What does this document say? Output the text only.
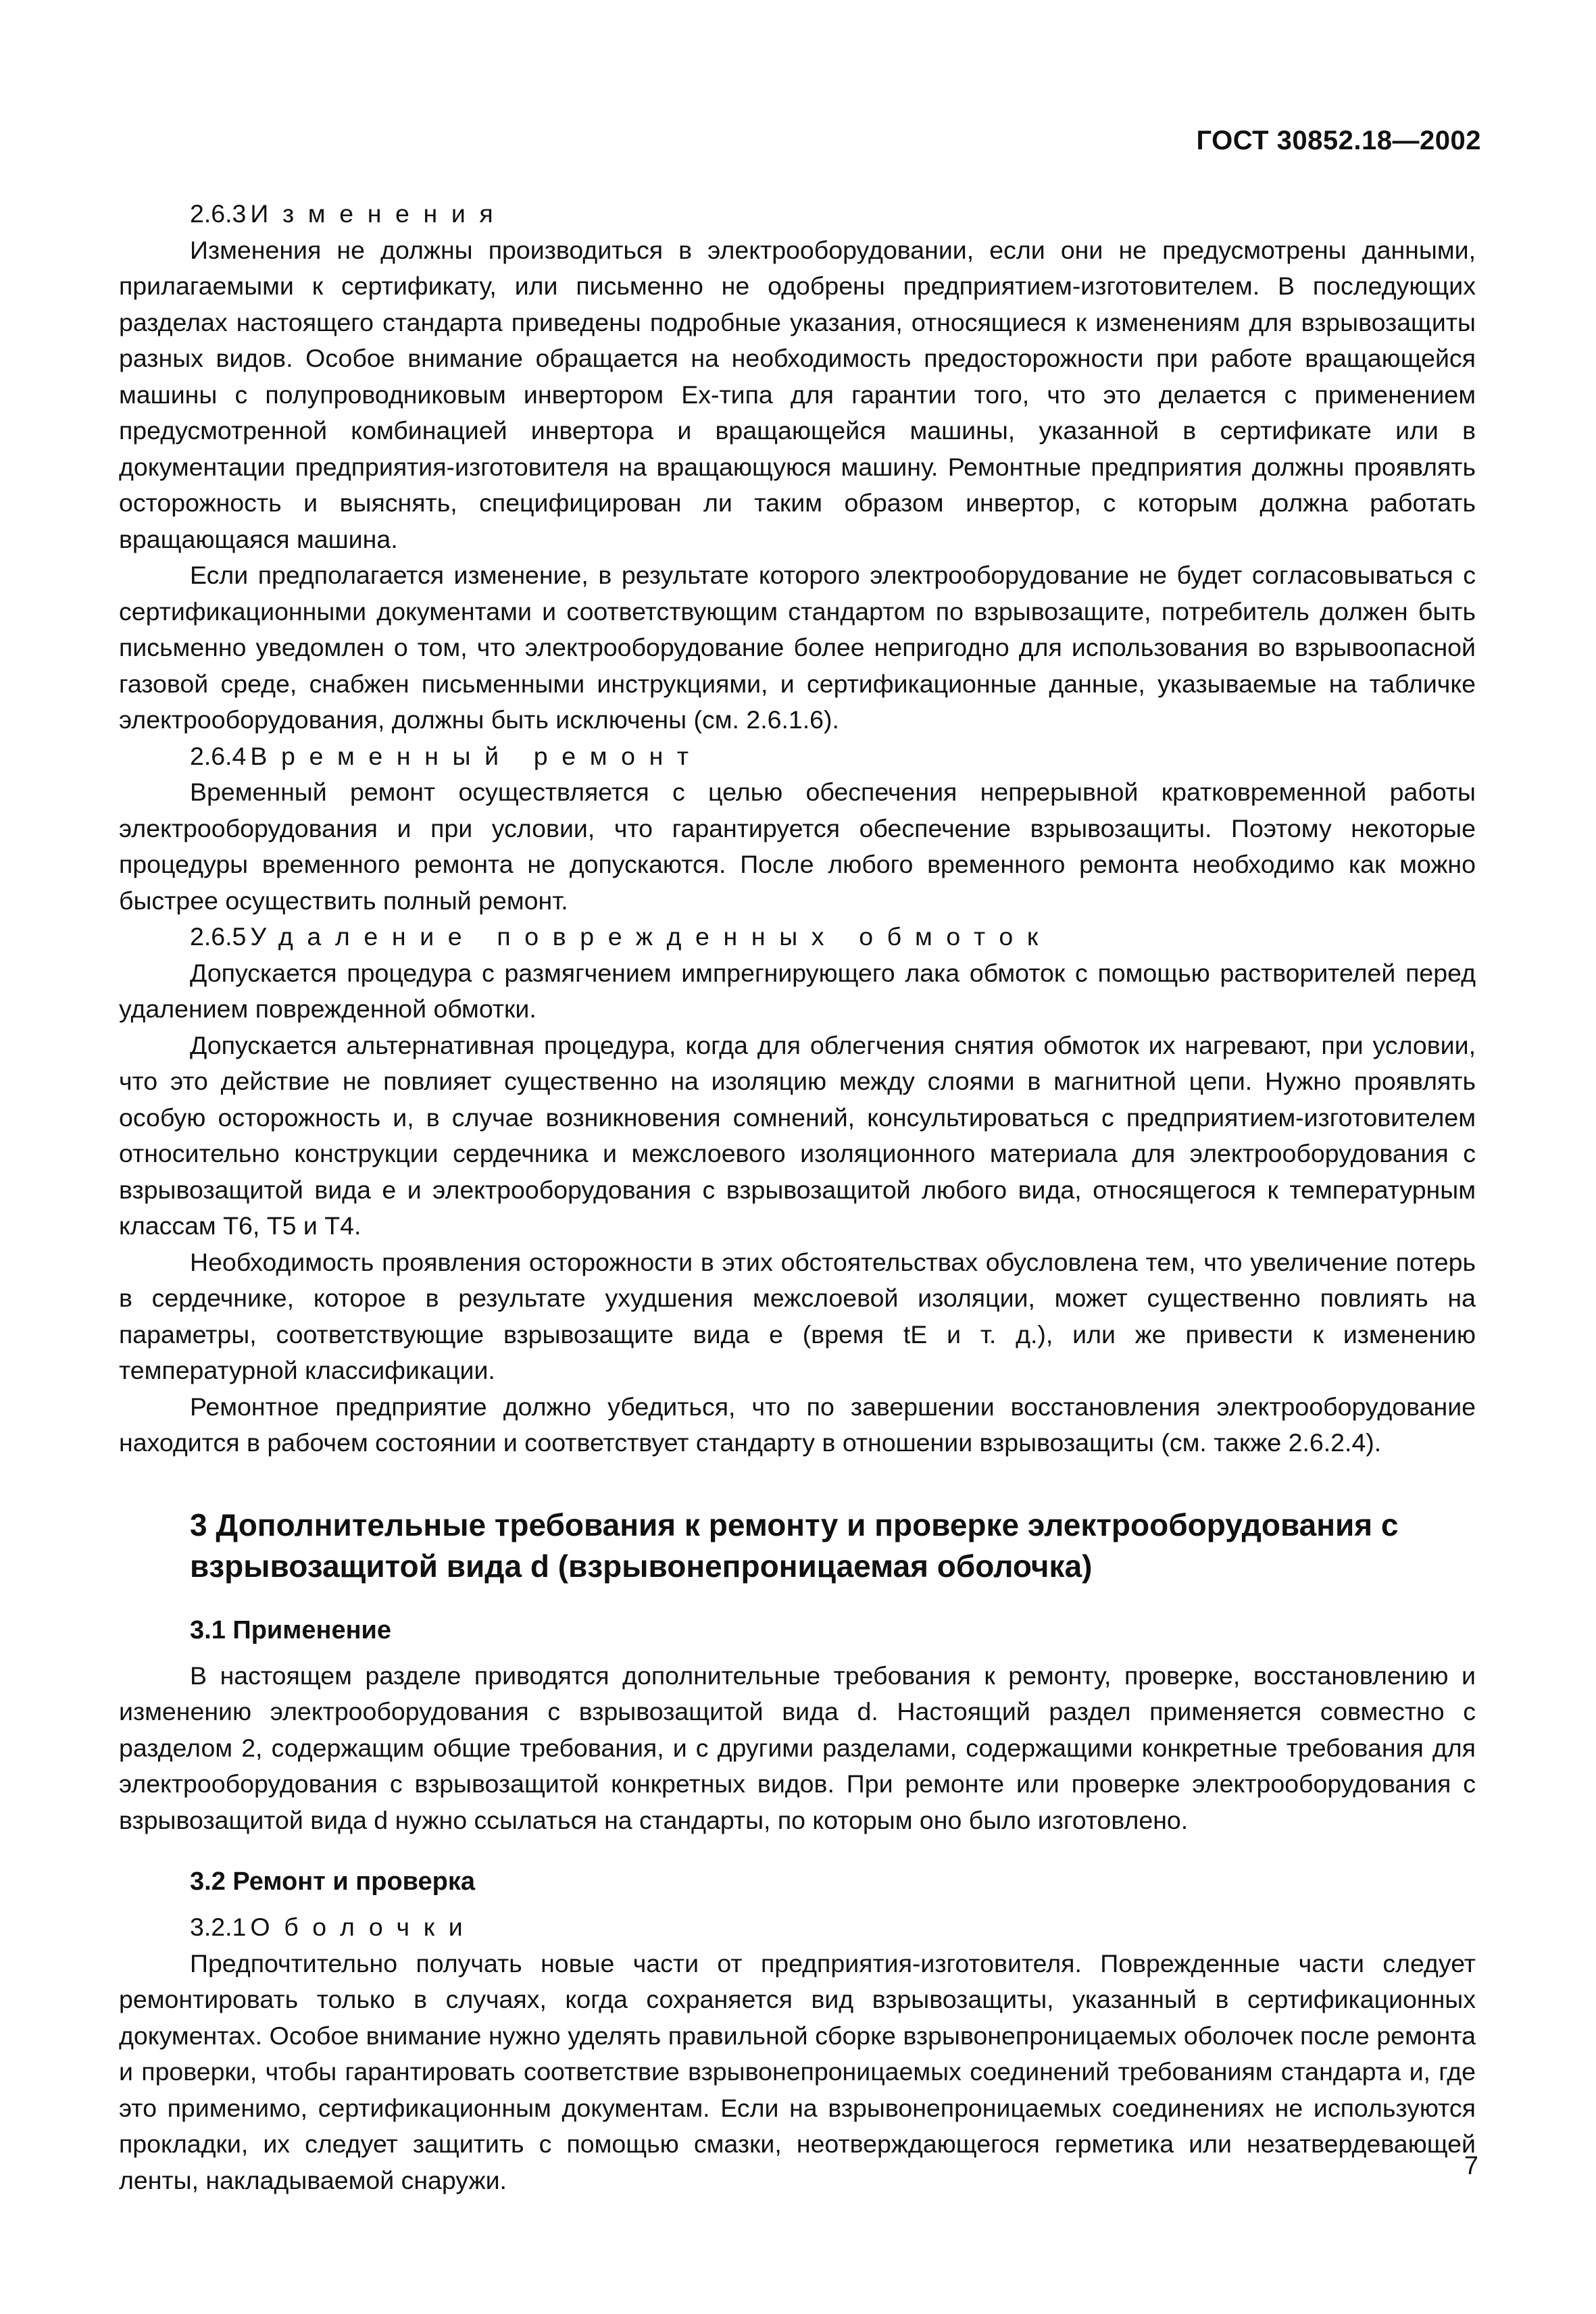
ГОСТ 30852.18—2002
2.6.3 Изменения

Изменения не должны производиться в электрооборудовании, если они не предусмотрены данными, прилагаемыми к сертификату, или письменно не одобрены предприятием-изготовителем. В последующих разделах настоящего стандарта приведены подробные указания, относящиеся к изменениям для взрывозащиты разных видов. Особое внимание обращается на необходимость предосторожности при работе вращающейся машины с полупроводниковым инвертором Ex-типа для гарантии того, что это делается с применением предусмотренной комбинацией инвертора и вращающейся машины, указанной в сертификате или в документации предприятия-изготовителя на вращающуюся машину. Ремонтные предприятия должны проявлять осторожность и выяснять, специфицирован ли таким образом инвертор, с которым должна работать вращающаяся машина.

Если предполагается изменение, в результате которого электрооборудование не будет согласовываться с сертификационными документами и соответствующим стандартом по взрывозащите, потребитель должен быть письменно уведомлен о том, что электрооборудование более непригодно для использования во взрывоопасной газовой среде, снабжен письменными инструкциями, и сертификационные данные, указываемые на табличке электрооборудования, должны быть исключены (см. 2.6.1.6).

2.6.4 Временный ремонт

Временный ремонт осуществляется с целью обеспечения непрерывной кратковременной работы электрооборудования и при условии, что гарантируется обеспечение взрывозащиты. Поэтому некоторые процедуры временного ремонта не допускаются. После любого временного ремонта необходимо как можно быстрее осуществить полный ремонт.

2.6.5 Удаление поврежденных обмоток

Допускается процедура с размягчением импрегнирующего лака обмоток с помощью растворителей перед удалением поврежденной обмотки.

Допускается альтернативная процедура, когда для облегчения снятия обмоток их нагревают, при условии, что это действие не повлияет существенно на изоляцию между слоями в магнитной цепи. Нужно проявлять особую осторожность и, в случае возникновения сомнений, консультироваться с предприятием-изготовителем относительно конструкции сердечника и межслоевого изоляционного материала для электрооборудования с взрывозащитой вида e и электрооборудования с взрывозащитой любого вида, относящегося к температурным классам Т6, Т5 и Т4.

Необходимость проявления осторожности в этих обстоятельствах обусловлена тем, что увеличение потерь в сердечнике, которое в результате ухудшения межслоевой изоляции, может существенно повлиять на параметры, соответствующие взрывозащите вида e (время tE и т. д.), или же привести к изменению температурной классификации.

Ремонтное предприятие должно убедиться, что по завершении восстановления электрооборудование находится в рабочем состоянии и соответствует стандарту в отношении взрывозащиты (см. также 2.6.2.4).

3 Дополнительные требования к ремонту и проверке электрооборудования с взрывозащитой вида d (взрывонепроницаемая оболочка)
3.1 Применение

В настоящем разделе приводятся дополнительные требования к ремонту, проверке, восстановлению и изменению электрооборудования с взрывозащитой вида d. Настоящий раздел применяется совместно с разделом 2, содержащим общие требования, и с другими разделами, содержащими конкретные требования для электрооборудования с взрывозащитой конкретных видов. При ремонте или проверке электрооборудования с взрывозащитой вида d нужно ссылаться на стандарты, по которым оно было изготовлено.

3.2 Ремонт и проверка
3.2.1 Оболочки

Предпочтительно получать новые части от предприятия-изготовителя. Поврежденные части следует ремонтировать только в случаях, когда сохраняется вид взрывозащиты, указанный в сертификационных документах. Особое внимание нужно уделять правильной сборке взрывонепроницаемых оболочек после ремонта и проверки, чтобы гарантировать соответствие взрывонепроницаемых соединений требованиям стандарта и, где это применимо, сертификационным документам. Если на взрывонепроницаемых соединениях не используются прокладки, их следует защитить с помощью смазки, неотверждающегося герметика или незатвердевающей ленты, накладываемой снаружи.	7
